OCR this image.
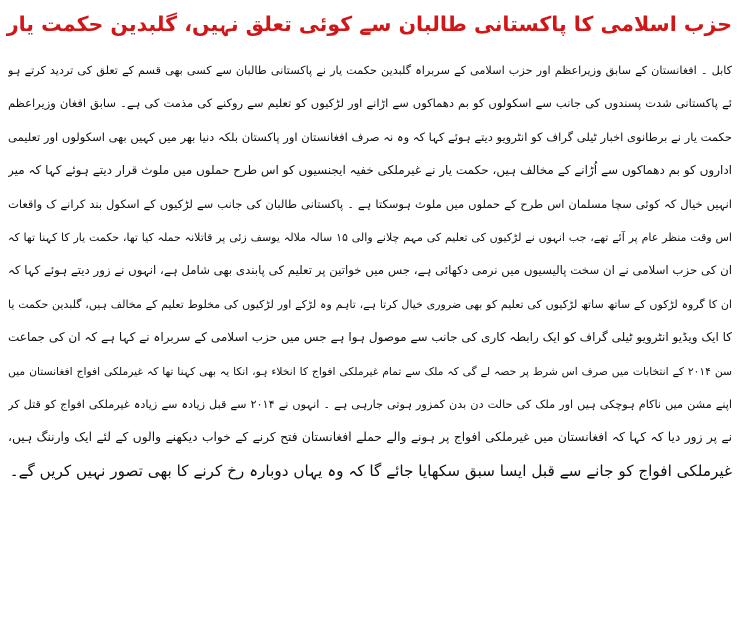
حزب اسلامی کا پاکستانی طالبان سے کوئی تعلق نہیں، گلبدین حکمت یار
کابل ۔ افغانستان کے سابق وزیراعظم اور حزب اسلامی کے سربراہ گلبدین حکمت یار نے پاکستانی طالبان سے کسی بھی قسم کے تعلق کی تردید کرتے ہو
ئے پاکستانی شدت پسندوں کی جانب سے اسکولوں کو بم دھماکوں سے اڑانے اور لڑکیوں کو تعلیم سے روکنے کی مذمت کی ہے۔ سابق افغان وزیراعظم
حکمت یار نے برطانوی اخبار ٹیلی گراف کو انٹرویو دیتے ہوئے کہا کہ وہ نہ صرف افغانستان اور پاکستان بلکہ دنیا بھر میں کہیں بھی اسکولوں اور تعلیمی
اداروں کو بم دھماکوں سے اُڑانے کے مخالف ہیں، حکمت یار نے غیرملکی خفیہ ایجنسیوں کو اس طرح حملوں میں ملوث قرار دیتے ہوئے کہا کہ میر
انہیں خیال کہ کوئی سچا مسلمان اس طرح کے حملوں میں ملوث ہوسکتا ہے ۔ پاکستانی طالبان کی جانب سے لڑکیوں کے اسکول بند کرانے ک واقعات
اس وقت منظر عام پر آئے تھے، جب انہوں نے لڑکیوں کی تعلیم کی مہم چلانے والی ۱۵ سالہ ملالہ یوسف زئی پر قاتلانہ حملہ کیا تھا، حکمت یار کا کہنا تھا کہ
ان کی حزب اسلامی نے ان سخت پالیسیوں میں نرمی دکھائی ہے، جس میں خواتین پر تعلیم کی پابندی بھی شامل ہے، انہوں نے زور دیتے ہوئے کہا کہ
ان کا گروہ لڑکوں کے ساتھ ساتھ لڑکیوں کی تعلیم کو بھی ضروری خیال کرتا ہے، تاہم وہ لڑکے اور لڑکیوں کی مخلوط تعلیم کے مخالف ہیں، گلبدین حکمت یا
کا ایک ویڈیو انٹرویو ٹیلی گراف کو ایک رابطہ کاری کی جانب سے موصول ہوا ہے جس میں حزب اسلامی کے سربراہ نے کہا ہے کہ ان کی جماعت
سن ۲۰۱۴ کے انتخابات میں صرف اس شرط پر حصہ لے گی کہ ملک سے تمام غیرملکی افواج کا انخلاء ہو، انکا یہ بھی کہنا تھا کہ غیرملکی افواج افغانستان میں
اپنے مشن میں ناکام ہوچکی ہیں اور ملک کی حالت دن بدن کمزور ہوتی جارہی ہے ۔ انہوں نے ۲۰۱۴ سے قبل زیادہ سے زیادہ غیرملکی افواج کو قتل کر
نے پر زور دیا کہ کہا کہ افغانستان میں غیرملکی افواج پر ہونے والے حملے افغانستان فتح کرنے کے خواب دیکھنے والوں کے لئے ایک وارننگ ہیں،
غیرملکی افواج کو جانے سے قبل ایسا سبق سکھایا جائے گا کہ وہ یہاں دوبارہ رخ کرنے کا بھی تصور نہیں کریں گے۔
